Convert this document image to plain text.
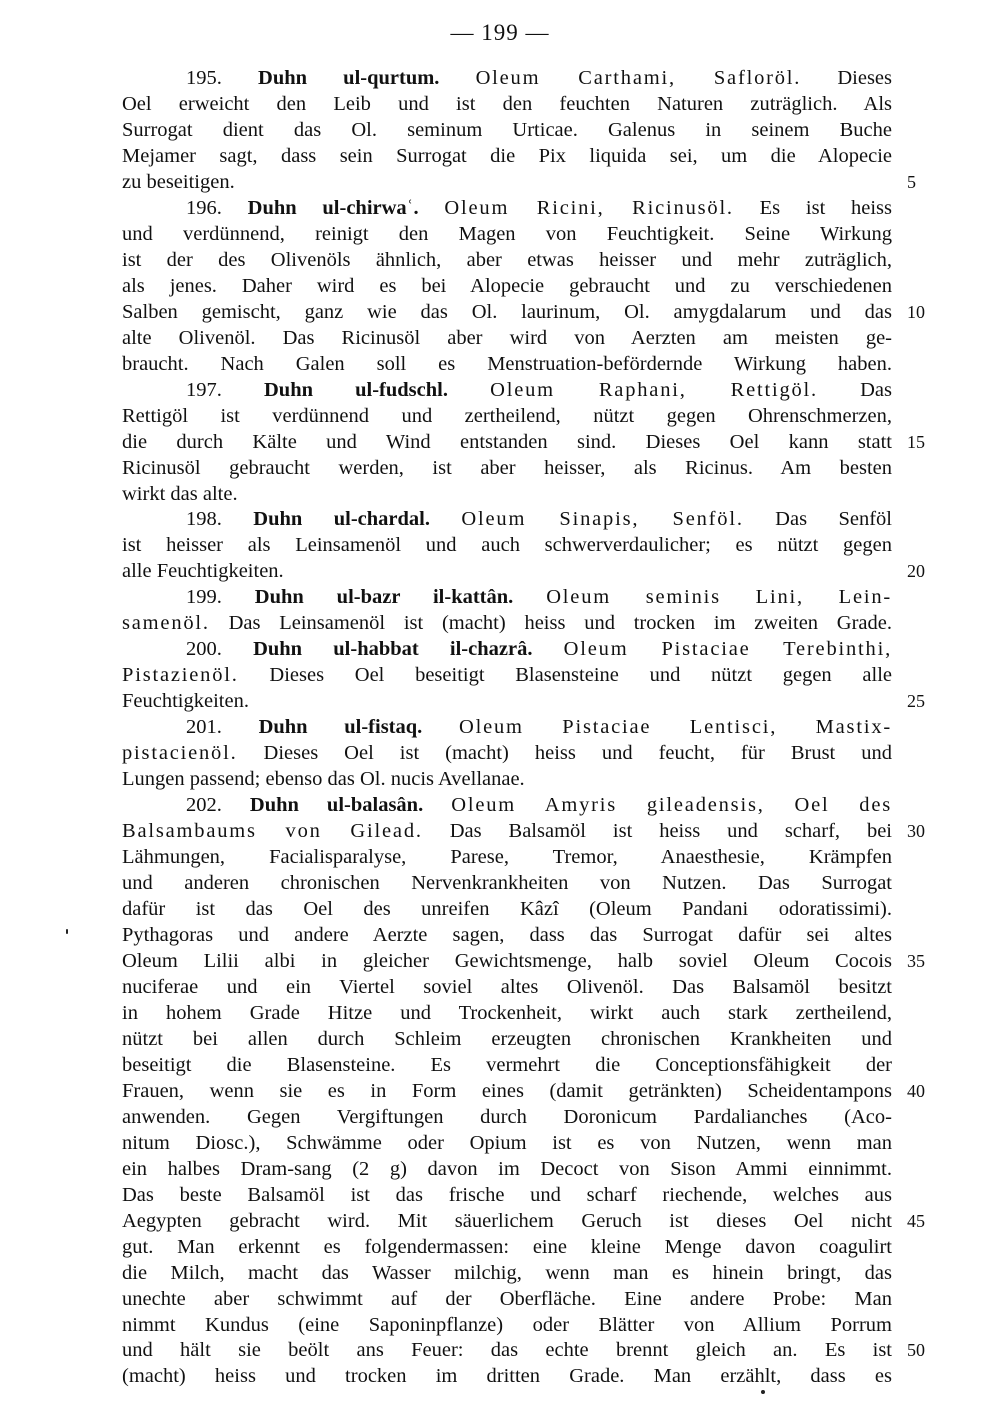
— 199 —
195. Duhn ul-qurtum. Oleum Carthami, Safloröl. Dieses
Oel erweicht den Leib und ist den feuchten Naturen zuträglich. Als
Surrogat dient das Ol. seminum Urticae. Galenus in seinem Buche
Mejamer sagt, dass sein Surrogat die Pix liquida sei, um die Alopecie
zu beseitigen.	5
196. Duhn ul-chirwaʿ. Oleum Ricini, Ricinusöl. Es ist heiss
und verdünnend, reinigt den Magen von Feuchtigkeit. Seine Wirkung
ist der des Olivenöls ähnlich, aber etwas heisser und mehr zuträglich,
als jenes. Daher wird es bei Alopecie gebraucht und zu verschiedenen
Salben gemischt, ganz wie das Ol. laurinum, Ol. amygdalarum und das 10
alte Olivenöl. Das Ricinusöl aber wird von Aerzten am meisten ge-
braucht. Nach Galen soll es Menstruation-befördernde Wirkung haben.
197. Duhn ul-fudschl. Oleum Raphani, Rettigöl. Das
Rettigöl ist verdünnend und zertheilend, nützt gegen Ohrenschmerzen,
die durch Kälte und Wind entstanden sind. Dieses Oel kann statt 15
Ricinusöl gebraucht werden, ist aber heisser, als Ricinus. Am besten
wirkt das alte.
198. Duhn ul-chardal. Oleum Sinapis, Senföl. Das Senföl
ist heisser als Leinsamenöl und auch schwerverdaulicher; es nützt gegen
alle Feuchtigkeiten.	20
199. Duhn ul-bazr il-kattân. Oleum seminis Lini, Lein-
samenöl. Das Leinsamenöl ist (macht) heiss und trocken im zweiten Grade.
200. Duhn ul-habbat il-chazrâ. Oleum Pistaciae Terebinthi,
Pistazienöl. Dieses Oel beseitigt Blasensteine und nützt gegen alle
Feuchtigkeiten.	25
201. Duhn ul-fistaq. Oleum Pistaciae Lentisci, Mastix-
pistacienöl. Dieses Oel ist (macht) heiss und feucht, für Brust und
Lungen passend; ebenso das Ol. nucis Avellanae.
202. Duhn ul-balasân. Oleum Amyris gileadensis, Oel des
Balsambaums von Gilead. Das Balsamöl ist heiss und scharf, bei 30
Lähmungen, Facialisparalyse, Parese, Tremor, Anaesthesie, Krämpfen
und anderen chronischen Nervenkrankheiten von Nutzen. Das Surrogat
dafür ist das Oel des unreifen Kâzî (Oleum Pandani odoratissimi).
Pythagoras und andere Aerzte sagen, dass das Surrogat dafür sei altes
Oleum Lilii albi in gleicher Gewichtsmenge, halb soviel Oleum Cocois 35
nuciferae und ein Viertel soviel altes Olivenöl. Das Balsamöl besitzt
in hohem Grade Hitze und Trockenheit, wirkt auch stark zertheilend,
nützt bei allen durch Schleim erzeugten chronischen Krankheiten und
beseitigt die Blasensteine. Es vermehrt die Conceptionsfähigkeit der
Frauen, wenn sie es in Form eines (damit getränkten) Scheidentampons 40
anwenden. Gegen Vergiftungen durch Doronicum Pardalianches (Aco-
nitum Diosc.), Schwämme oder Opium ist es von Nutzen, wenn man
ein halbes Dram-sang (2 g) davon im Decoct von Sison Ammi einnimmt.
Das beste Balsamöl ist das frische und scharf riechende, welches aus
Aegypten gebracht wird. Mit säuerlichem Geruch ist dieses Oel nicht 45
gut. Man erkennt es folgendermassen: eine kleine Menge davon coagulirt
die Milch, macht das Wasser milchig, wenn man es hinein bringt, das
unechte aber schwimmt auf der Oberfläche. Eine andere Probe: Man
nimmt Kundus (eine Saponinpflanze) oder Blätter von Allium Porrum
und hält sie beölt ans Feuer: das echte brennt gleich an. Es ist 50
(macht) heiss und trocken im dritten Grade. Man erzählt, dass es
